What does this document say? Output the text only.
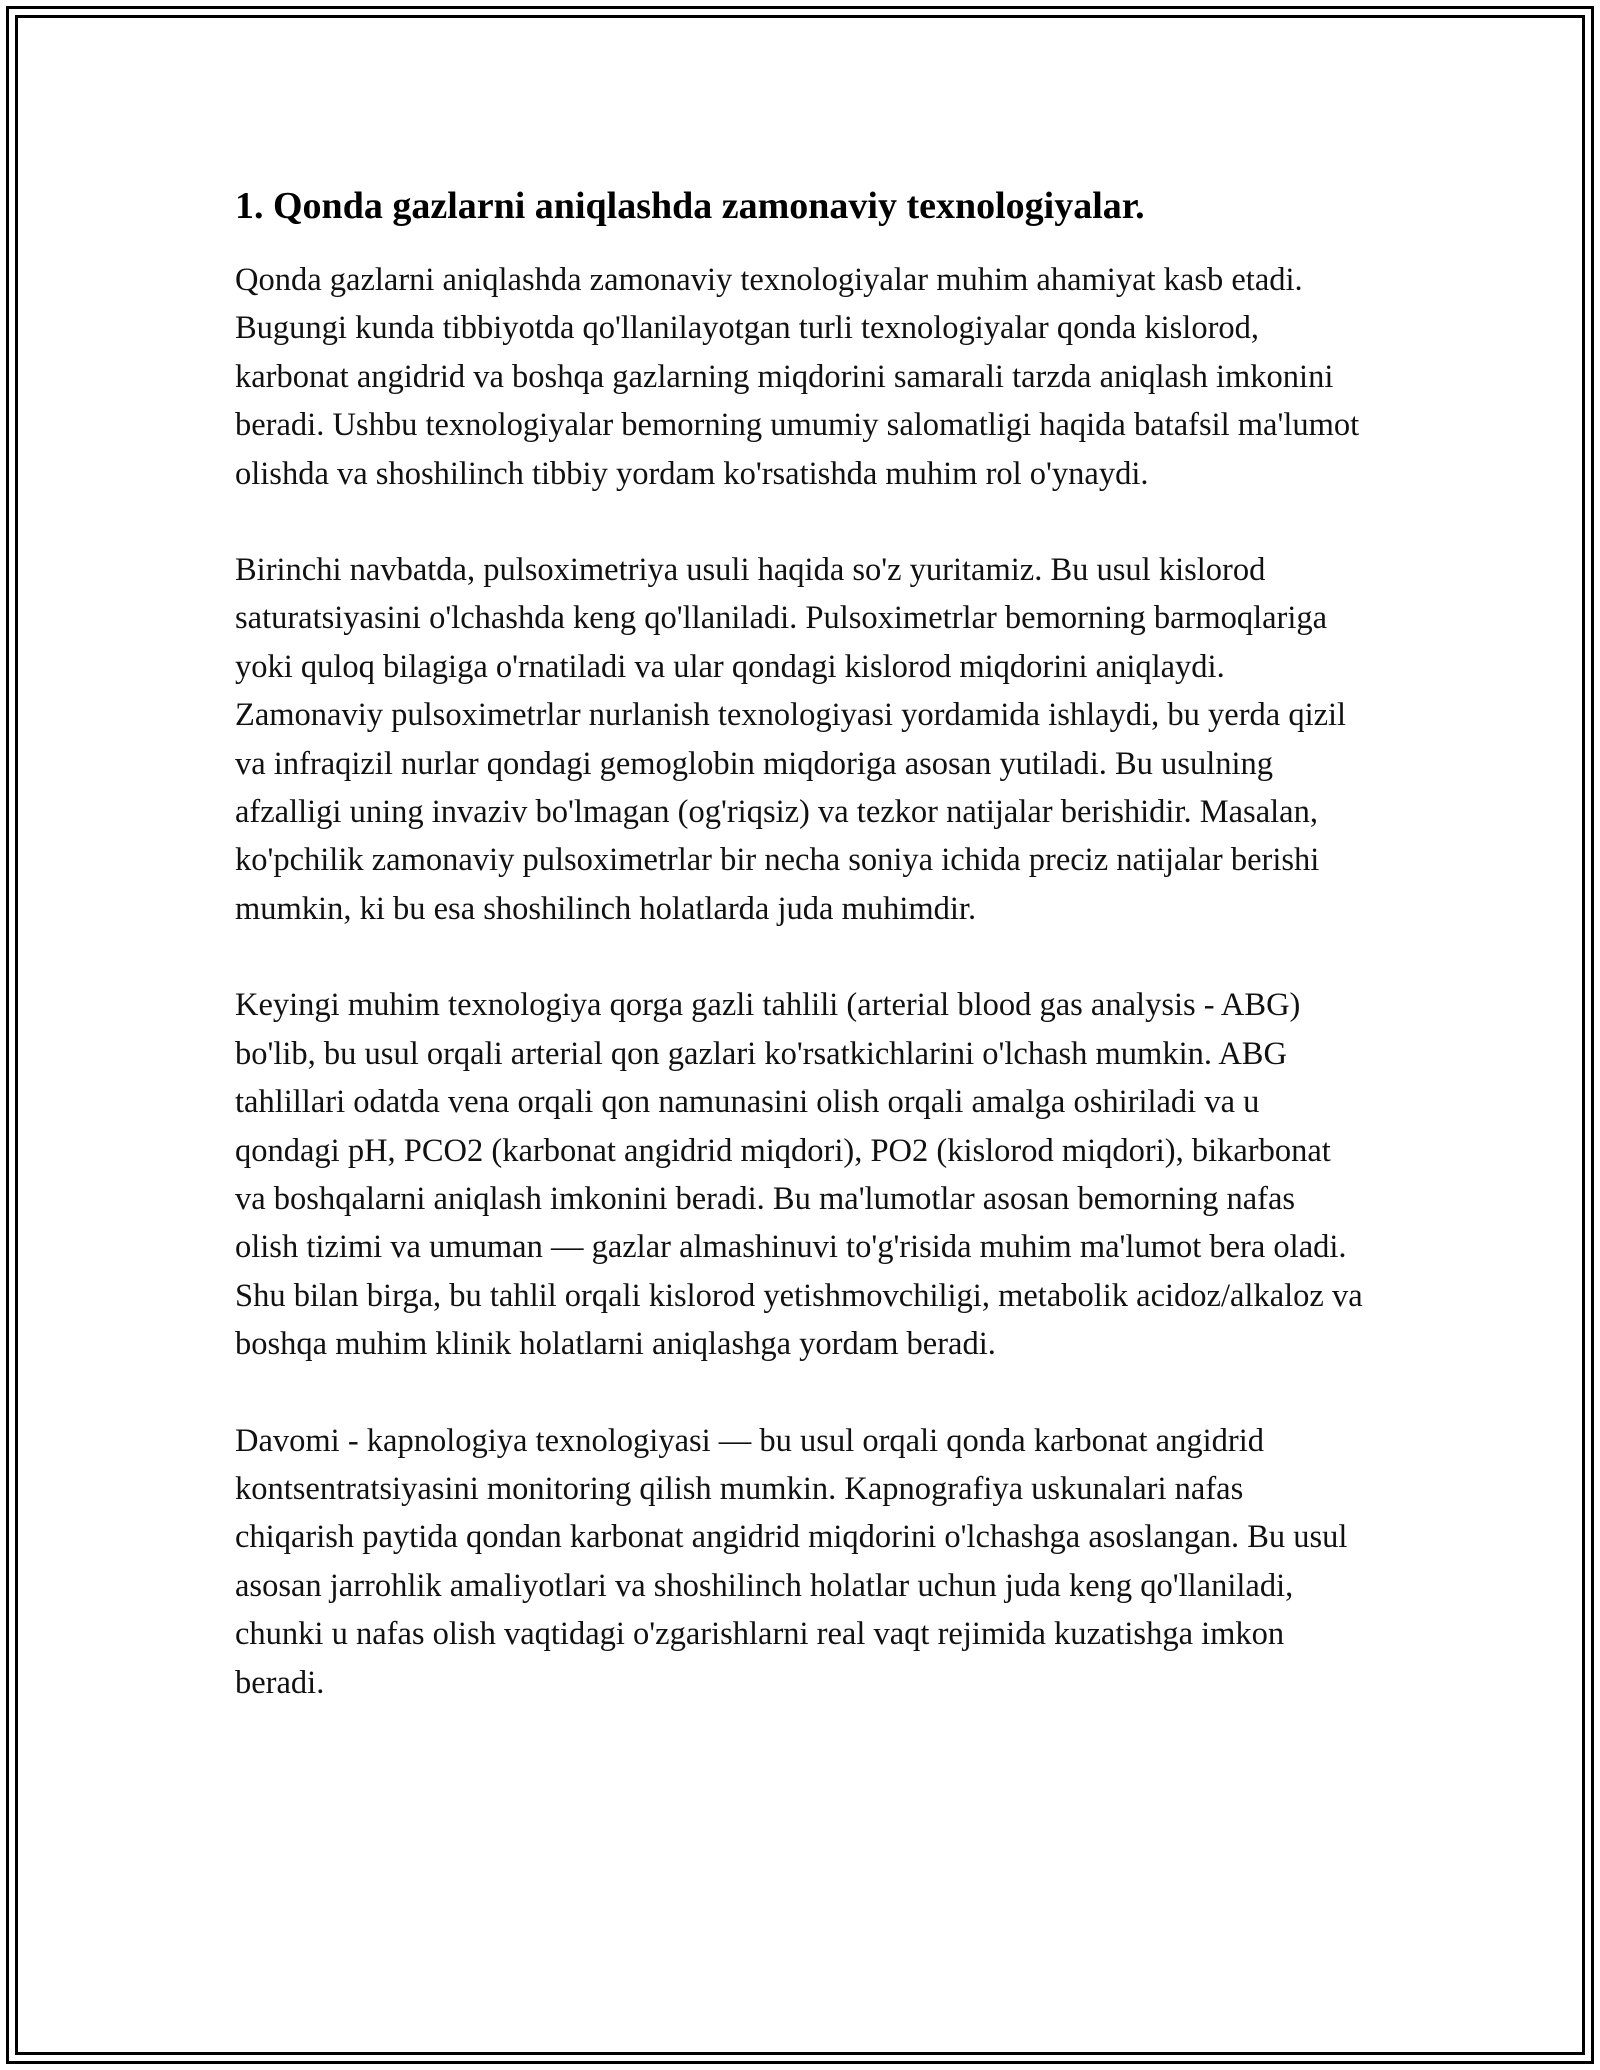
1. Qonda gazlarni aniqlashda zamonaviy texnologiyalar.

Qonda gazlarni aniqlashda zamonaviy texnologiyalar muhim ahamiyat kasb etadi. Bugungi kunda tibbiyotda qo'llanilayotgan turli texnologiyalar qonda kislorod, karbonat angidrid va boshqa gazlarning miqdorini samarali tarzda aniqlash imkonini beradi. Ushbu texnologiyalar bemorning umumiy salomatligi haqida batafsil ma'lumot olishda va shoshilinch tibbiy yordam ko'rsatishda muhim rol o'ynaydi.

Birinchi navbatda, pulsoximetriya usuli haqida so'z yuritamiz. Bu usul kislorod saturatsiyasini o'lchashda keng qo'llaniladi. Pulsoximetrlar bemorning barmoqlariga yoki quloq bilagiga o'rnatiladi va ular qondagi kislorod miqdorini aniqlaydi. Zamonaviy pulsoximetrlar nurlanish texnologiyasi yordamida ishlaydi, bu yerda qizil va infraqizil nurlar qondagi gemoglobin miqdoriga asosan yutiladi. Bu usulning afzalligi uning invaziv bo'lmagan (og'riqsiz) va tezkor natijalar berishidir. Masalan, ko'pchilik zamonaviy pulsoximetrlar bir necha soniya ichida preciz natijalar berishi mumkin, ki bu esa shoshilinch holatlarda juda muhimdir.

Keyingi muhim texnologiya qorga gazli tahlili (arterial blood gas analysis - ABG) bo'lib, bu usul orqali arterial qon gazlari ko'rsatkichlarini o'lchash mumkin. ABG tahlillari odatda vena orqali qon namunasini olish orqali amalga oshiriladi va u qondagi pH, PCO2 (karbonat angidrid miqdori), PO2 (kislorod miqdori), bikarbonat va boshqalarni aniqlash imkonini beradi. Bu ma'lumotlar asosan bemorning nafas olish tizimi va umuman — gazlar almashinuvi to'g'risida muhim ma'lumot bera oladi. Shu bilan birga, bu tahlil orqali kislorod yetishmovchiligi, metabolik acidoz/alkaloz va boshqa muhim klinik holatlarni aniqlashga yordam beradi.

Davomi - kapnologiya texnologiyasi — bu usul orqali qonda karbonat angidrid kontsentratsiyasini monitoring qilish mumkin. Kapnografiya uskunalari nafas chiqarish paytida qondan karbonat angidrid miqdorini o'lchashga asoslangan. Bu usul asosan jarrohlik amaliyotlari va shoshilinch holatlar uchun juda keng qo'llaniladi, chunki u nafas olish vaqtidagi o'zgarishlarni real vaqt rejimida kuzatishga imkon beradi.
